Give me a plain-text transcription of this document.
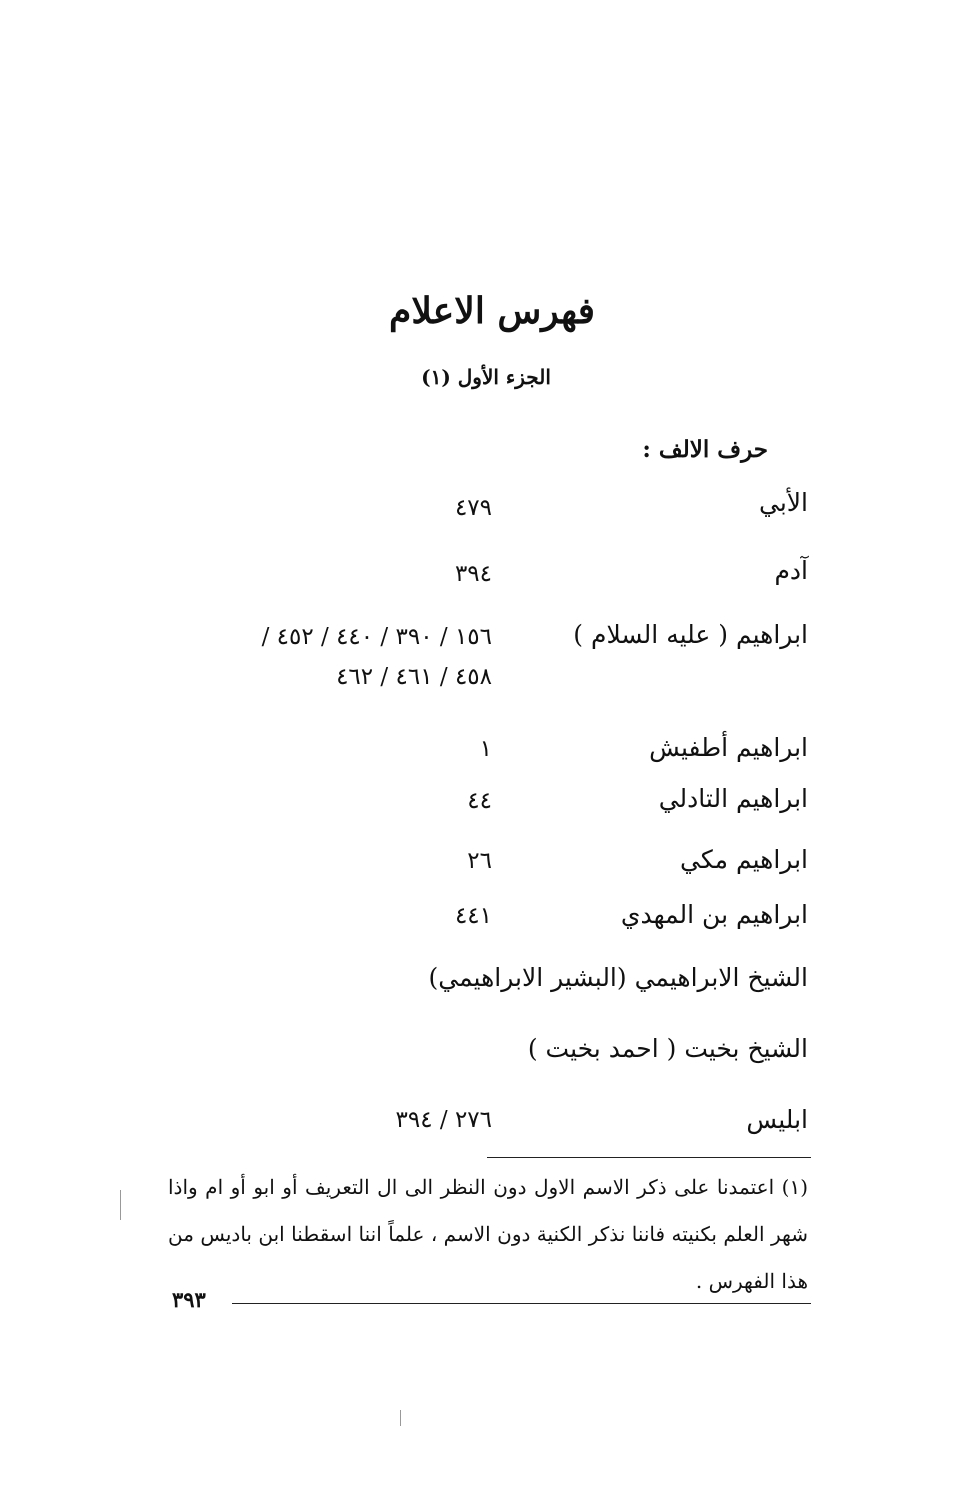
فهرس الاعلام
الجزء الأول (١)
حرف الالف :
الأبي
٤٧٩
آدم
٣٩٤
ابراهيم ( عليه السلام )
١٥٦ / ٣٩٠ / ٤٤٠ / ٤٥٢ /
٤٥٨ / ٤٦١ / ٤٦٢
ابراهيم أطفيش
١
ابراهيم التادلي
٤٤
ابراهيم مكي
٢٦
ابراهيم بن المهدي
٤٤١
الشيخ الابراهيمي (البشير الابراهيمي)
الشيخ بخيت ( احمد بخيت )
ابليس
٢٧٦ / ٣٩٤
(١) اعتمدنا على ذكر الاسم الاول دون النظر الى ال التعريف أو ابو أو ام واذا شهر العلم بكنيته فاننا نذكر الكنية دون الاسم ، علماً اننا اسقطنا ابن باديس من هذا الفهرس .
٣٩٣
